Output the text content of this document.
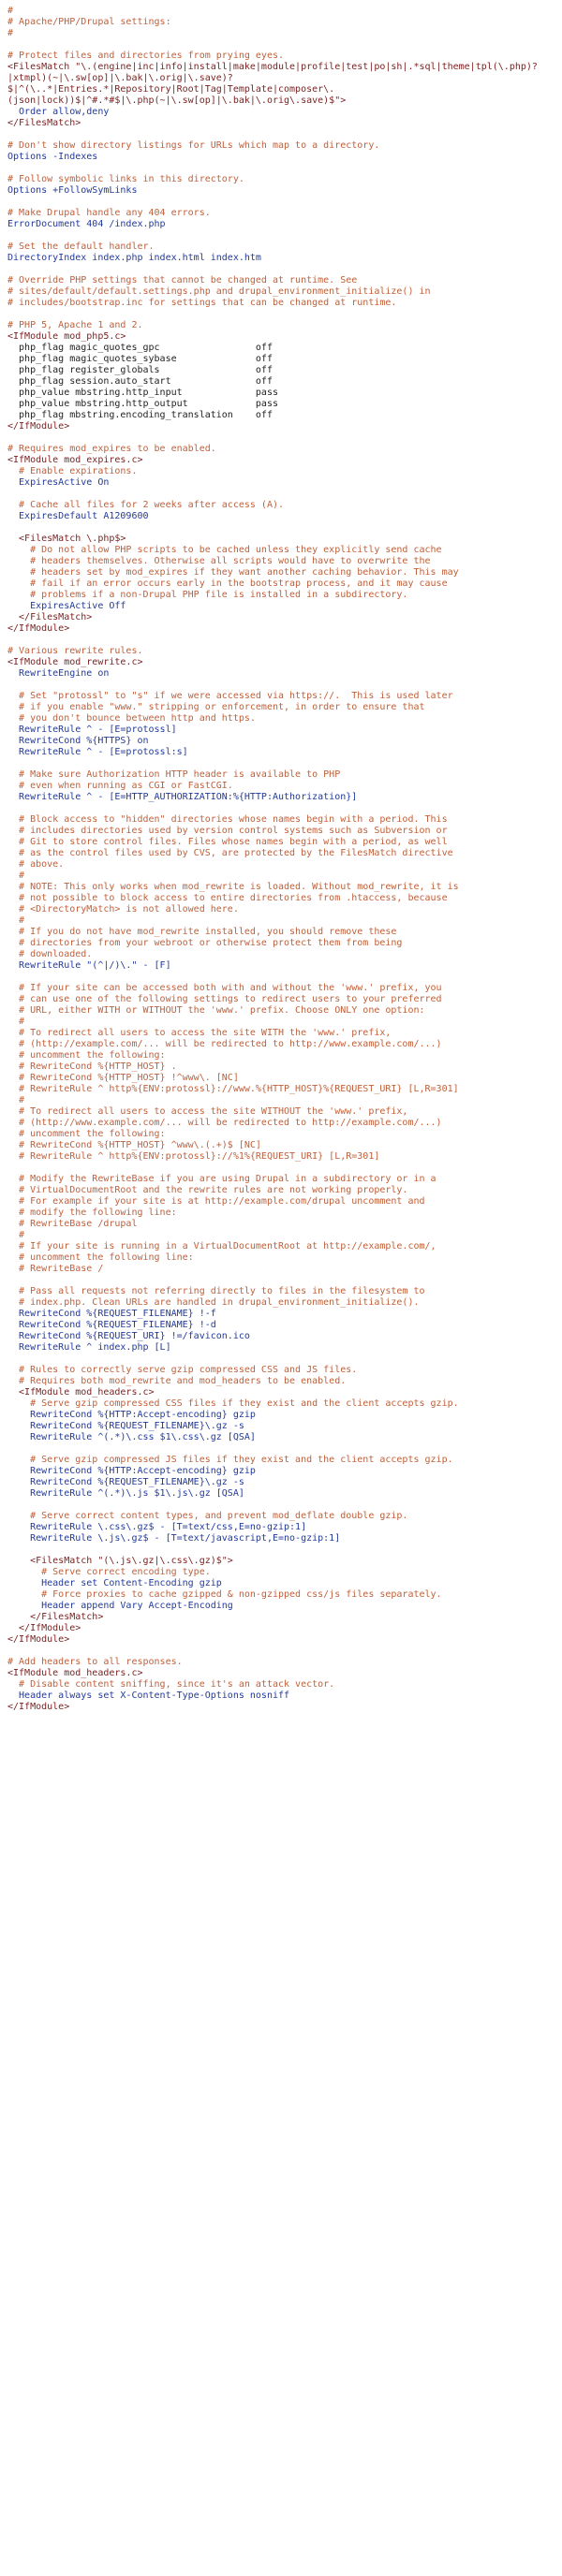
#
# Apache/PHP/Drupal settings:
#
# Protect files and directories from prying eyes.
<FilesMatch "\.(engine|inc|info|install|make|module|profile|test|po|sh|.*sql|theme|tpl(\.php)?
|xtmpl)(~|\.sw[op]|\.bak|\.orig|\.save)?
$|^(\..*|Entries.*|Repository|Root|Tag|Template|composer\.
(json|lock))$|^#.*#$|\.php(~|\.sw[op]|\.bak|\.orig\.save)$">
Order allow,deny
</FilesMatch>
# Don't show directory listings for URLs which map to a directory.
Options -Indexes
# Follow symbolic links in this directory.
Options +FollowSymLinks
# Make Drupal handle any 404 errors.
ErrorDocument 404 /index.php
# Set the default handler.
DirectoryIndex index.php index.html index.htm
# Override PHP settings that cannot be changed at runtime. See
# sites/default/default.settings.php and drupal_environment_initialize() in
# includes/bootstrap.inc for settings that can be changed at runtime.
# PHP 5, Apache 1 and 2.
<IfModule mod_php5.c>
php_flag magic_quotes_gpc                 off
php_flag magic_quotes_sybase              off
php_flag register_globals                 off
php_flag session.auto_start               off
php_value mbstring.http_input             pass
php_value mbstring.http_output            pass
php_flag mbstring.encoding_translation    off
</IfModule>
# Requires mod_expires to be enabled.
<IfModule mod_expires.c>
# Enable expirations.
ExpiresActive On
# Cache all files for 2 weeks after access (A).
ExpiresDefault A1209600
<FilesMatch \.php$>
# Do not allow PHP scripts to be cached unless they explicitly send cache
# headers themselves. Otherwise all scripts would have to overwrite the
# headers set by mod_expires if they want another caching behavior. This may
# fail if an error occurs early in the bootstrap process, and it may cause
# problems if a non-Drupal PHP file is installed in a subdirectory.
ExpiresActive Off
</FilesMatch>
</IfModule>
# Various rewrite rules.
<IfModule mod_rewrite.c>
RewriteEngine on
# Set "protossl" to "s" if we were accessed via https://.  This is used later
# if you enable "www." stripping or enforcement, in order to ensure that
# you don't bounce between http and https.
RewriteRule ^ - [E=protossl]
RewriteCond %{HTTPS} on
RewriteRule ^ - [E=protossl:s]
# Make sure Authorization HTTP header is available to PHP
# even when running as CGI or FastCGI.
RewriteRule ^ - [E=HTTP_AUTHORIZATION:%{HTTP:Authorization}]
# Block access to "hidden" directories whose names begin with a period. This
# includes directories used by version control systems such as Subversion or
# Git to store control files. Files whose names begin with a period, as well
# as the control files used by CVS, are protected by the FilesMatch directive
# above.
#
# NOTE: This only works when mod_rewrite is loaded. Without mod_rewrite, it is
# not possible to block access to entire directories from .htaccess, because
# <DirectoryMatch> is not allowed here.
#
# If you do not have mod_rewrite installed, you should remove these
# directories from your webroot or otherwise protect them from being
# downloaded.
RewriteRule "(^|/)\." - [F]
# If your site can be accessed both with and without the 'www.' prefix, you
# can use one of the following settings to redirect users to your preferred
# URL, either WITH or WITHOUT the 'www.' prefix. Choose ONLY one option:
#
# To redirect all users to access the site WITH the 'www.' prefix,
# (http://example.com/... will be redirected to http://www.example.com/...)
# uncomment the following:
# RewriteCond %{HTTP_HOST} .
# RewriteCond %{HTTP_HOST} !^www\. [NC]
# RewriteRule ^ http%{ENV:protossl}://www.%{HTTP_HOST}%{REQUEST_URI} [L,R=301]
#
# To redirect all users to access the site WITHOUT the 'www.' prefix,
# (http://www.example.com/... will be redirected to http://example.com/...)
# uncomment the following:
# RewriteCond %{HTTP_HOST} ^www\.(.+)$ [NC]
# RewriteRule ^ http%{ENV:protossl}://%1%{REQUEST_URI} [L,R=301]
# Modify the RewriteBase if you are using Drupal in a subdirectory or in a
# VirtualDocumentRoot and the rewrite rules are not working properly.
# For example if your site is at http://example.com/drupal uncomment and
# modify the following line:
# RewriteBase /drupal
#
# If your site is running in a VirtualDocumentRoot at http://example.com/,
# uncomment the following line:
# RewriteBase /
# Pass all requests not referring directly to files in the filesystem to
# index.php. Clean URLs are handled in drupal_environment_initialize().
RewriteCond %{REQUEST_FILENAME} !-f
RewriteCond %{REQUEST_FILENAME} !-d
RewriteCond %{REQUEST_URI} !=/favicon.ico
RewriteRule ^ index.php [L]
# Rules to correctly serve gzip compressed CSS and JS files.
# Requires both mod_rewrite and mod_headers to be enabled.
<IfModule mod_headers.c>
# Serve gzip compressed CSS files if they exist and the client accepts gzip.
RewriteCond %{HTTP:Accept-encoding} gzip
RewriteCond %{REQUEST_FILENAME}\.gz -s
RewriteRule ^(.*)\.css $1\.css\.gz [QSA]
# Serve gzip compressed JS files if they exist and the client accepts gzip.
RewriteCond %{HTTP:Accept-encoding} gzip
RewriteCond %{REQUEST_FILENAME}\.gz -s
RewriteRule ^(.*)\.js $1\.js\.gz [QSA]
# Serve correct content types, and prevent mod_deflate double gzip.
RewriteRule \.css\.gz$ - [T=text/css,E=no-gzip:1]
RewriteRule \.js\.gz$ - [T=text/javascript,E=no-gzip:1]
<FilesMatch "(\.js\.gz|\.css\.gz)$">
# Serve correct encoding type.
Header set Content-Encoding gzip
# Force proxies to cache gzipped & non-gzipped css/js files separately.
Header append Vary Accept-Encoding
</FilesMatch>
</IfModule>
</IfModule>
# Add headers to all responses.
<IfModule mod_headers.c>
# Disable content sniffing, since it's an attack vector.
Header always set X-Content-Type-Options nosniff
</IfModule>
